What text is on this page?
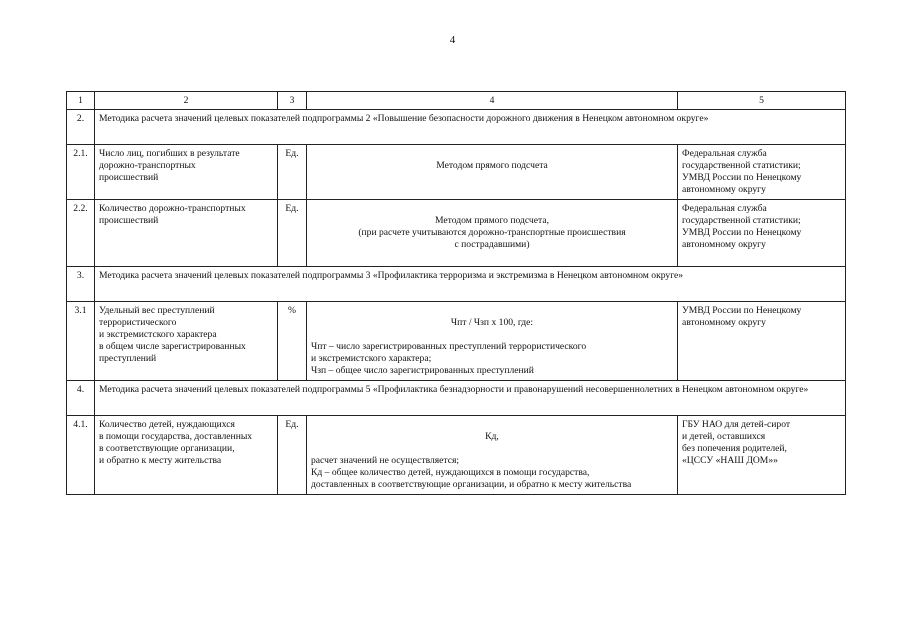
4
1	2	3	4	5
2.	Методика расчета значений целевых показателей подпрограммы 2 «Повышение безопасности дорожного движения в Ненецком автономном округе»			
2.1.	Число лиц, погибших в результате
дорожно-транспортных
происшествий	Ед.	Методом прямого подсчета	Федеральная служба
государственной статистики;
УМВД России по Ненецкому
автономному округу
2.2.	Количество дорожно-транспортных
происшествий	Ед.	Методом прямого подсчета,
(при расчете учитываются дорожно-транспортные происшествия
с пострадавшими)	Федеральная служба
государственной статистики;
УМВД России по Ненецкому
автономному округу
3.	Методика расчета значений целевых показателей подпрограммы 3 «Профилактика терроризма и экстремизма в Ненецком автономном округе»			
3.1	Удельный вес преступлений
террористического
и экстремистского характера
в общем числе зарегистрированных
преступлений	%	Чпт / Чзп х 100, где:

Чпт – число зарегистрированных преступлений террористического
и экстремистского характера;
Чзп – общее число зарегистрированных преступлений	УМВД России по Ненецкому
автономному округу
4.	Методика расчета значений целевых показателей подпрограммы 5 «Профилактика безнадзорности и правонарушений несовершеннолетних в Ненецком автономном округе»			
4.1.	Количество детей, нуждающихся
в помощи государства, доставленных
в соответствующие организации,
и обратно к месту жительства	Ед.	Кд,

расчет значений не осуществляется;
Кд – общее количество детей, нуждающихся в помощи государства,
доставленных в соответствующие организации, и обратно к месту жительства	ГБУ НАО для детей-сирот
и детей, оставшихся
без попечения родителей,
«ЦССУ «НАШ ДОМ»»
